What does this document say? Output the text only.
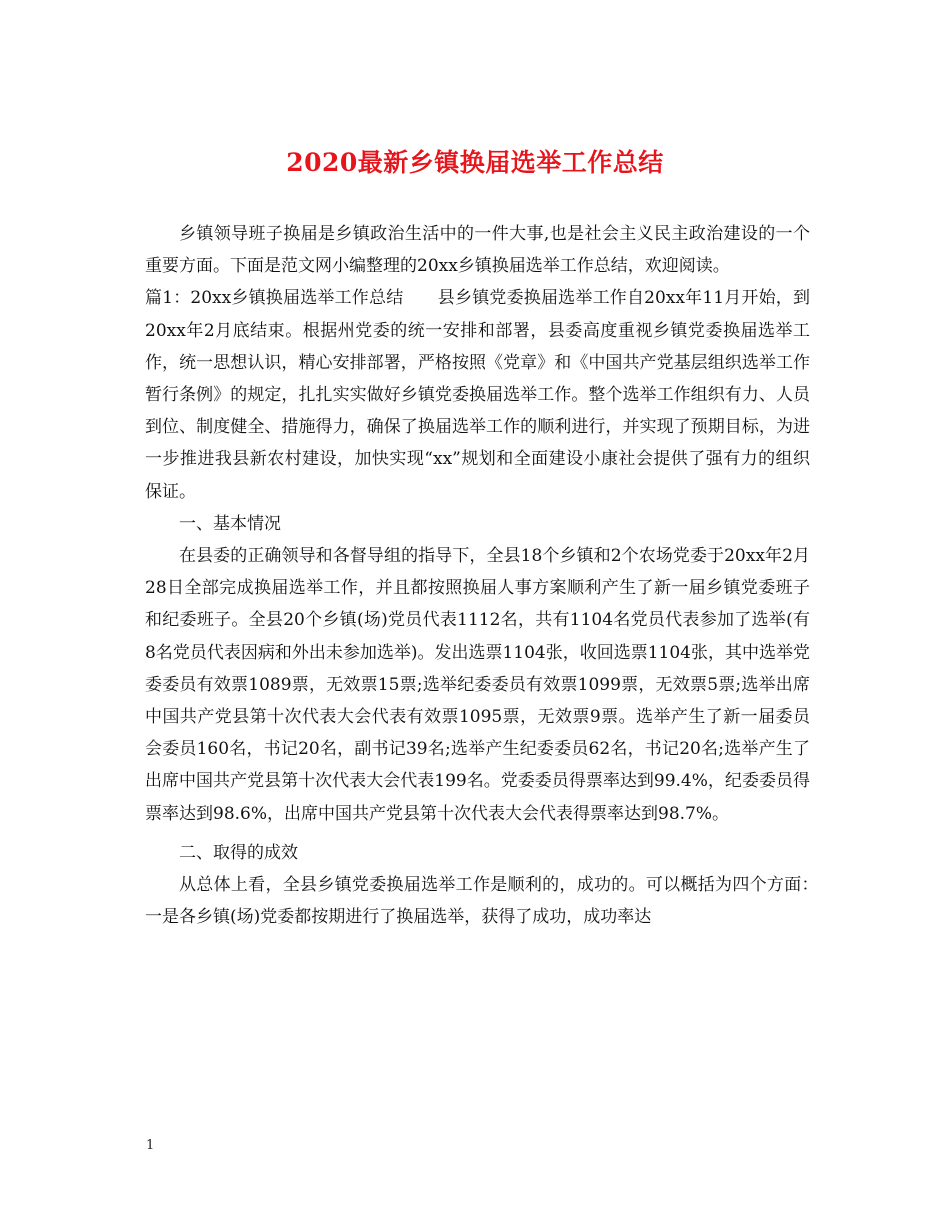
2020最新乡镇换届选举工作总结

乡镇领导班子换届是乡镇政治生活中的一件大事,也是社会主义民主政治建设的一个重要方面。下面是范文网小编整理的20xx乡镇换届选举工作总结，欢迎阅读。

篇1：20xx乡镇换届选举工作总结　　县乡镇党委换届选举工作自20xx年11月开始，到20xx年2月底结束。根据州党委的统一安排和部署，县委高度重视乡镇党委换届选举工作，统一思想认识，精心安排部署，严格按照《党章》和《中国共产党基层组织选举工作暂行条例》的规定，扎扎实实做好乡镇党委换届选举工作。整个选举工作组织有力、人员到位、制度健全、措施得力，确保了换届选举工作的顺利进行，并实现了预期目标，为进一步推进我县新农村建设，加快实现“xx”规划和全面建设小康社会提供了强有力的组织保证。

一、基本情况

在县委的正确领导和各督导组的指导下，全县18个乡镇和2个农场党委于20xx年2月28日全部完成换届选举工作，并且都按照换届人事方案顺利产生了新一届乡镇党委班子和纪委班子。全县20个乡镇(场)党员代表1112名，共有1104名党员代表参加了选举(有8名党员代表因病和外出未参加选举)。发出选票1104张，收回选票1104张，其中选举党委委员有效票1089票，无效票15票;选举纪委委员有效票1099票，无效票5票;选举出席中国共产党县第十次代表大会代表有效票1095票，无效票9票。选举产生了新一届委员会委员160名，书记20名，副书记39名;选举产生纪委委员62名，书记20名;选举产生了出席中国共产党县第十次代表大会代表199名。党委委员得票率达到99.4%，纪委委员得票率达到98.6%，出席中国共产党县第十次代表大会代表得票率达到98.7%。

二、取得的成效

从总体上看，全县乡镇党委换届选举工作是顺利的，成功的。可以概括为四个方面：　一是各乡镇(场)党委都按期进行了换届选举，获得了成功，成功率达

1
